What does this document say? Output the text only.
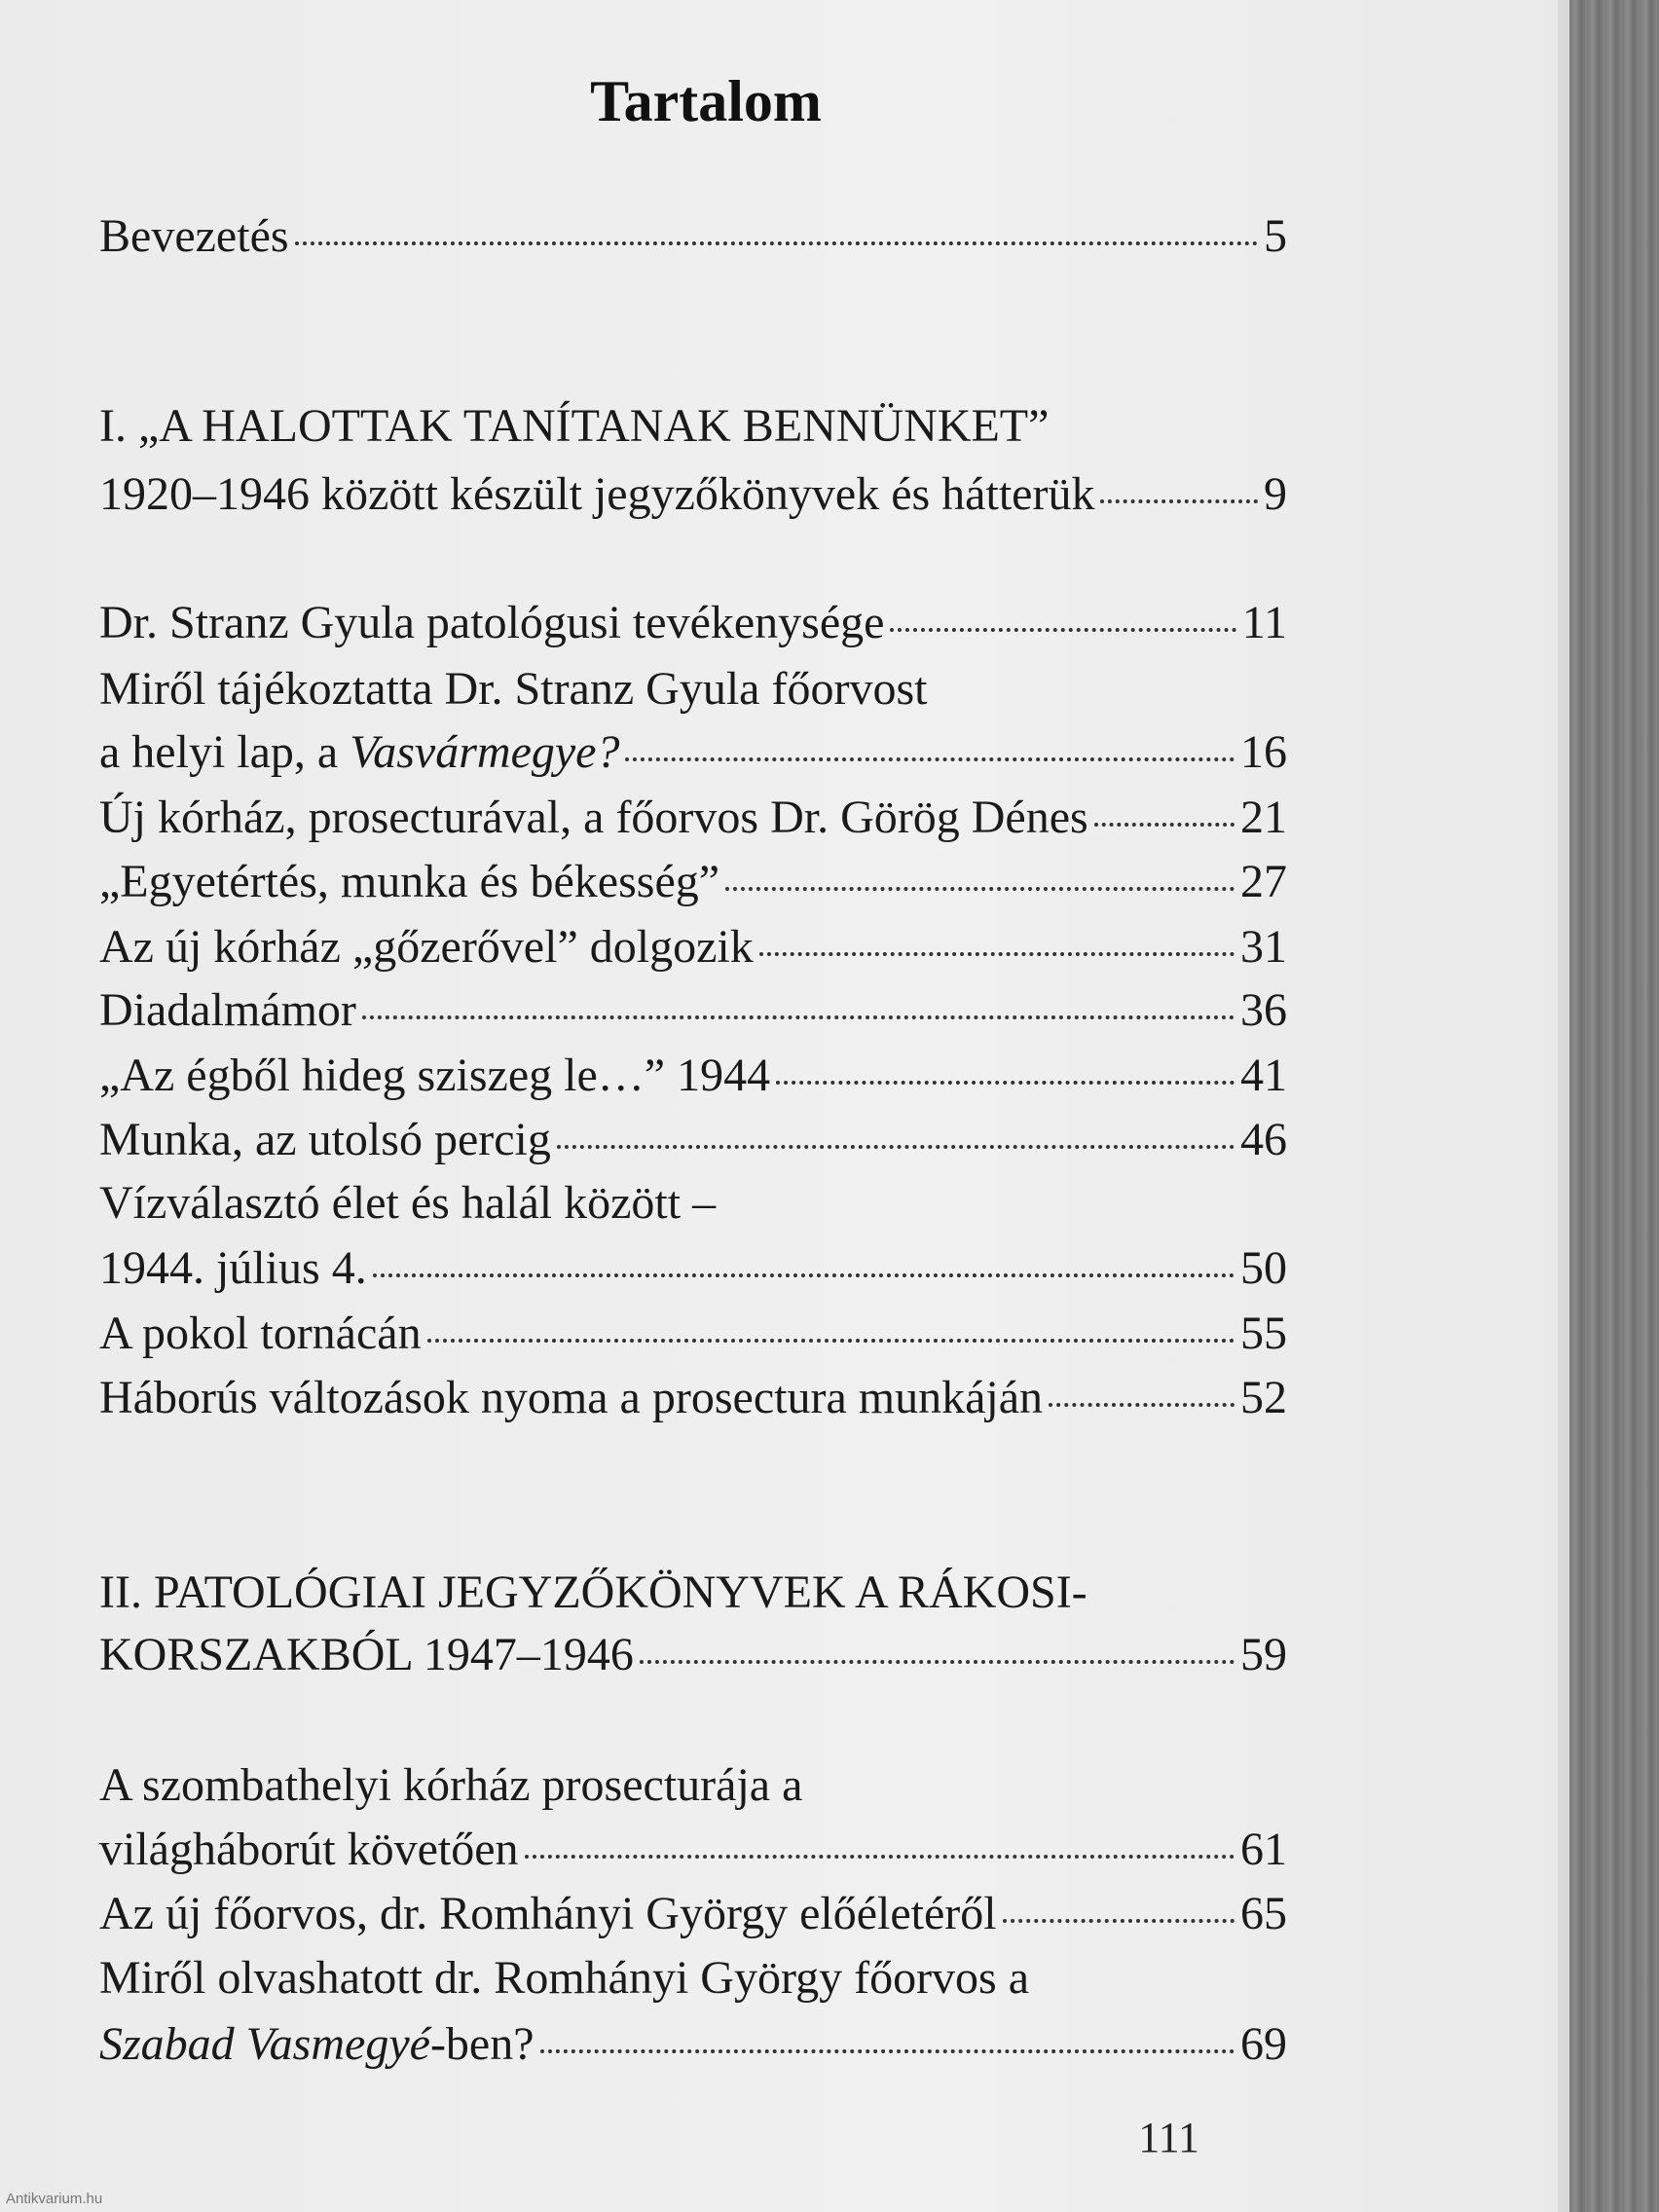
Tartalom
Bevezetés	5
I. „A HALOTTAK TANÍTANAK BENNÜNKET”
1920–1946 között készült jegyzőkönyvek és hátterük	9
Dr. Stranz Gyula patológusi tevékenysége	11
Miről tájékoztatta Dr. Stranz Gyula főorvost
a helyi lap, a Vasvármegye?	16
Új kórház, prosecturával, a főorvos Dr. Görög Dénes	21
„Egyetértés, munka és békesség”	27
Az új kórház „gőzerővel” dolgozik	31
Diadalmámor	36
„Az égből hideg sziszeg le…” 1944	41
Munka, az utolsó percig	46
Vízválasztó élet és halál között –
1944. július 4.	50
A pokol tornácán	55
Háborús változások nyoma a prosectura munkáján	52
II. PATOLÓGIAI JEGYZŐKÖNYVEK A RÁKOSI-
KORSZAKBÓL 1947–1946	59
A szombathelyi kórház prosecturája a
világháborút követően	61
Az új főorvos, dr. Romhányi György előéletéről	65
Miről olvashatott dr. Romhányi György főorvos a
Szabad Vasmegyé-ben?	69
111
Antikvarium.hu
